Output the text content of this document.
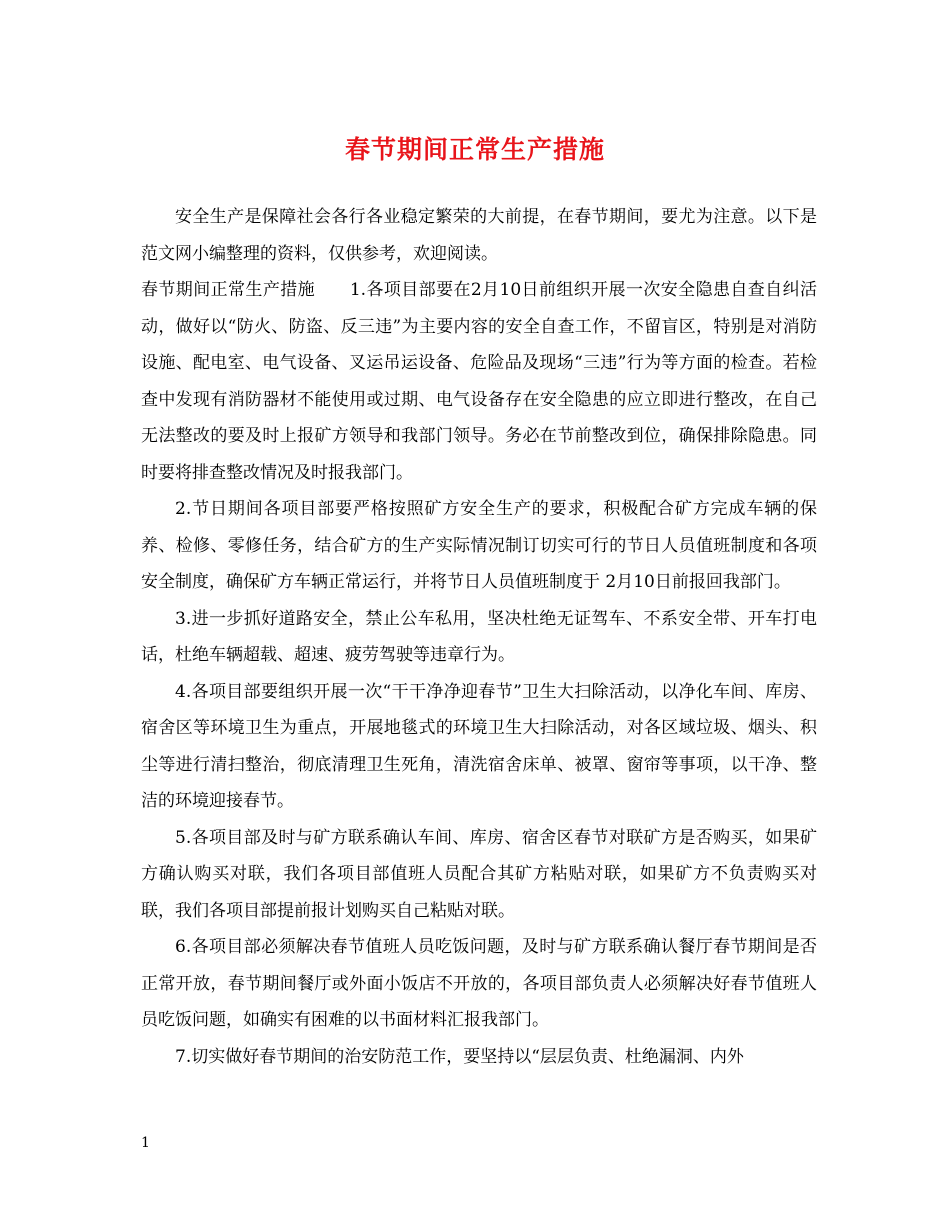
春节期间正常生产措施

安全生产是保障社会各行各业稳定繁荣的大前提，在春节期间，要尤为注意。以下是范文网小编整理的资料，仅供参考，欢迎阅读。

春节期间正常生产措施　　1.各项目部要在2月10日前组织开展一次安全隐患自查自纠活动，做好以“防火、防盗、反三违”为主要内容的安全自查工作，不留盲区，特别是对消防设施、配电室、电气设备、叉运吊运设备、危险品及现场“三违”行为等方面的检查。若检查中发现有消防器材不能使用或过期、电气设备存在安全隐患的应立即进行整改，在自己无法整改的要及时上报矿方领导和我部门领导。务必在节前整改到位，确保排除隐患。同时要将排查整改情况及时报我部门。

2.节日期间各项目部要严格按照矿方安全生产的要求，积极配合矿方完成车辆的保养、检修、零修任务，结合矿方的生产实际情况制订切实可行的节日人员值班制度和各项安全制度，确保矿方车辆正常运行，并将节日人员值班制度于 2月10日前报回我部门。

3.进一步抓好道路安全，禁止公车私用，坚决杜绝无证驾车、不系安全带、开车打电话，杜绝车辆超载、超速、疲劳驾驶等违章行为。

4.各项目部要组织开展一次“干干净净迎春节”卫生大扫除活动，以净化车间、库房、宿舍区等环境卫生为重点，开展地毯式的环境卫生大扫除活动，对各区域垃圾、烟头、积尘等进行清扫整治，彻底清理卫生死角，清洗宿舍床单、被罩、窗帘等事项，以干净、整洁的环境迎接春节。

5.各项目部及时与矿方联系确认车间、库房、宿舍区春节对联矿方是否购买，如果矿方确认购买对联，我们各项目部值班人员配合其矿方粘贴对联，如果矿方不负责购买对联，我们各项目部提前报计划购买自己粘贴对联。

6.各项目部必须解决春节值班人员吃饭问题，及时与矿方联系确认餐厅春节期间是否正常开放，春节期间餐厅或外面小饭店不开放的，各项目部负责人必须解决好春节值班人员吃饭问题，如确实有困难的以书面材料汇报我部门。

7.切实做好春节期间的治安防范工作，要坚持以“层层负责、杜绝漏洞、内外

1
